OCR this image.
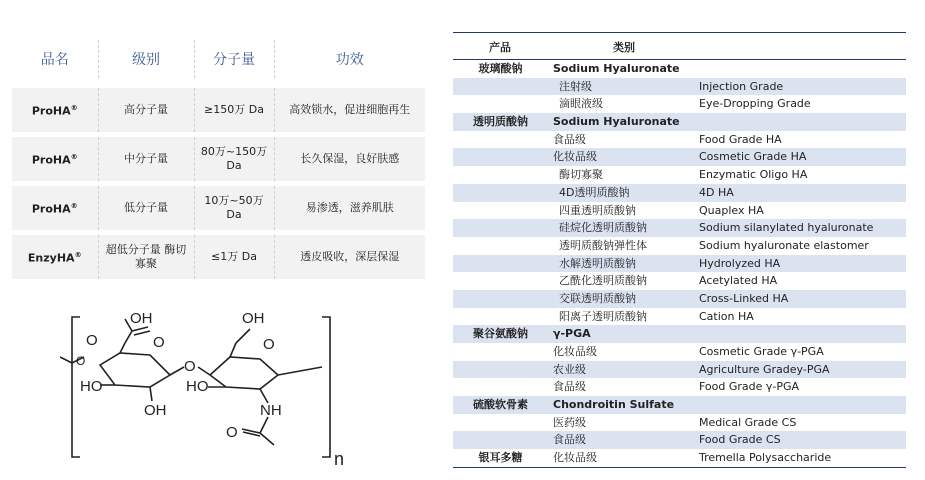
品名	级别	分子量	功效
ProHA®	高分子量	≥150万 Da	高效锁水，促进细胞再生
ProHA®	中分子量	80万~150万 Da	长久保湿，良好肤感
ProHA®	低分子量	10万~50万 Da	易渗透，滋养肌肤
EnzyHA®	超低分子量 酶切寡聚	≤1万 Da	透皮吸收，深层保湿
OH	OH
O	O
O
O
O
HO	HO
OH	NH
O
n
产品	类别
玻璃酸钠	Sodium Hyaluronate
注射级	Injection Grade
滴眼液级	Eye-Dropping Grade
透明质酸钠	Sodium Hyaluronate
食品级	Food Grade HA
化妆品级	Cosmetic Grade HA
酶切寡聚	Enzymatic Oligo HA
4D透明质酸钠	4D HA
四重透明质酸钠	Quaplex HA
硅烷化透明质酸钠	Sodium silanylated hyaluronate
透明质酸钠弹性体	Sodium hyaluronate elastomer
水解透明质酸钠	Hydrolyzed HA
乙酰化透明质酸钠	Acetylated HA
交联透明质酸钠	Cross-Linked HA
阳离子透明质酸钠	Cation HA
聚谷氨酸钠	γ-PGA
化妆品级	Cosmetic Grade γ-PGA
农业级	Agriculture Gradey-PGA
食品级	Food Grade γ-PGA
硫酸软骨素	Chondroitin Sulfate
医药级	Medical Grade CS
食品级	Food Grade CS
银耳多糖	化妆品级	Tremella Polysaccharide
